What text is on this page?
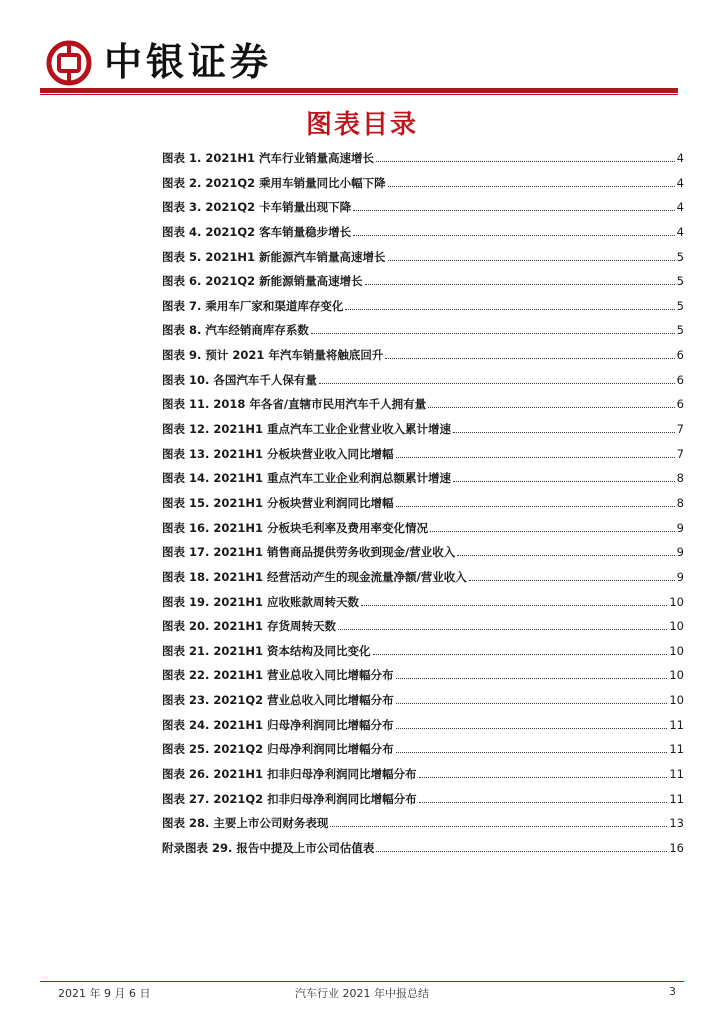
中银证券
图表目录
图表 1. 2021H1 汽车行业销量高速增长	4
图表 2. 2021Q2 乘用车销量同比小幅下降	4
图表 3. 2021Q2 卡车销量出现下降	4
图表 4. 2021Q2 客车销量稳步增长	4
图表 5. 2021H1 新能源汽车销量高速增长	5
图表 6. 2021Q2 新能源销量高速增长	5
图表 7. 乘用车厂家和渠道库存变化	5
图表 8. 汽车经销商库存系数	5
图表 9. 预计 2021 年汽车销量将触底回升	6
图表 10. 各国汽车千人保有量	6
图表 11. 2018 年各省/直辖市民用汽车千人拥有量	6
图表 12. 2021H1 重点汽车工业企业营业收入累计增速	7
图表 13. 2021H1 分板块营业收入同比增幅	7
图表 14. 2021H1 重点汽车工业企业利润总额累计增速	8
图表 15. 2021H1 分板块营业利润同比增幅	8
图表 16. 2021H1 分板块毛利率及费用率变化情况	9
图表 17. 2021H1 销售商品提供劳务收到现金/营业收入	9
图表 18. 2021H1 经营活动产生的现金流量净额/营业收入	9
图表 19. 2021H1 应收账款周转天数	10
图表 20. 2021H1 存货周转天数	10
图表 21. 2021H1 资本结构及同比变化	10
图表 22. 2021H1 营业总收入同比增幅分布	10
图表 23. 2021Q2 营业总收入同比增幅分布	10
图表 24. 2021H1 归母净利润同比增幅分布	11
图表 25. 2021Q2 归母净利润同比增幅分布	11
图表 26. 2021H1 扣非归母净利润同比增幅分布	11
图表 27. 2021Q2 扣非归母净利润同比增幅分布	11
图表 28. 主要上市公司财务表现	13
附录图表 29. 报告中提及上市公司估值表	16
2021 年 9 月 6 日	汽车行业 2021 年中报总结	3
